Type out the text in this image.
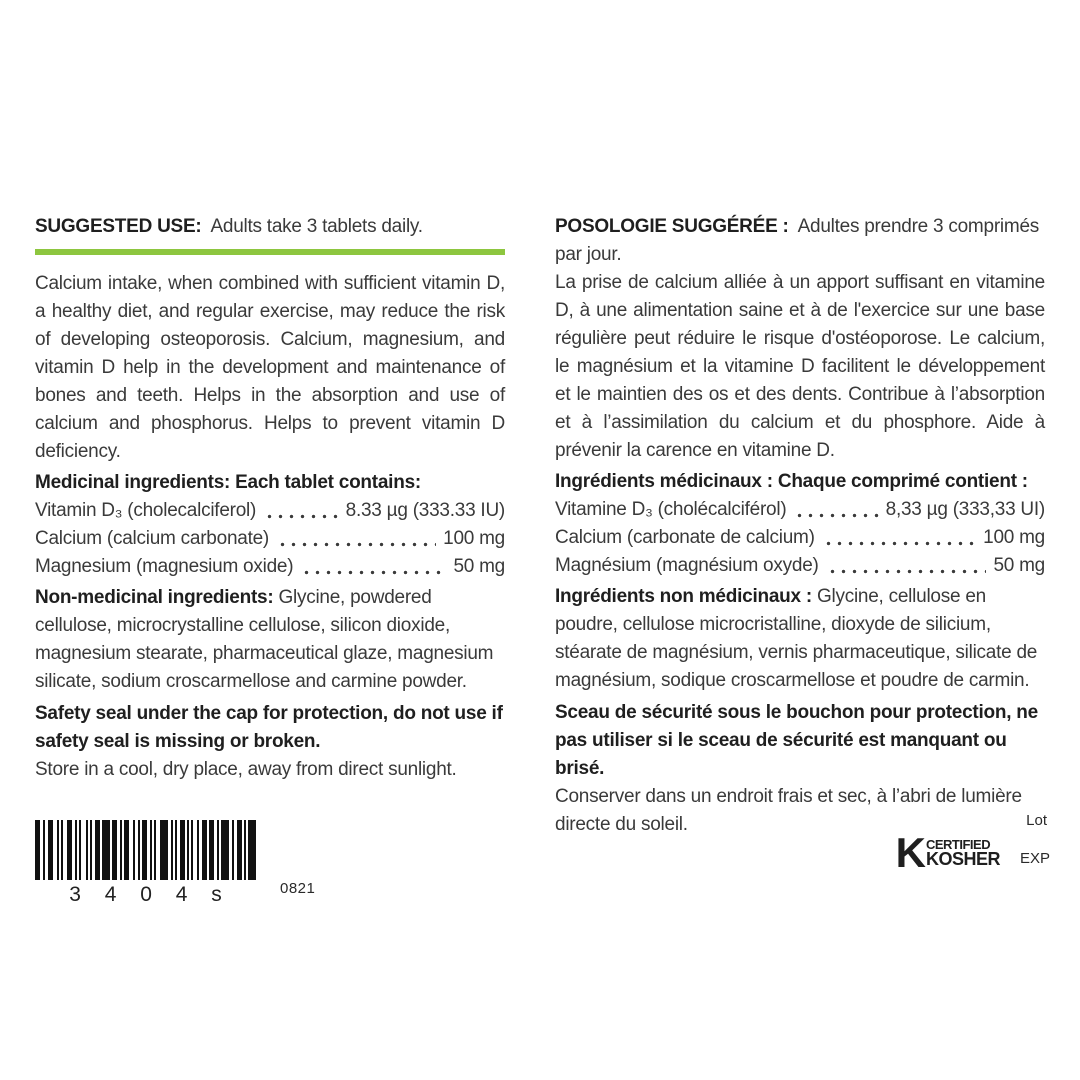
SUGGESTED USE: Adults take 3 tablets daily.

Calcium intake, when combined with sufficient vitamin D, a healthy diet, and regular exercise, may reduce the risk of developing osteoporosis. Calcium, magnesium, and vitamin D help in the development and maintenance of bones and teeth. Helps in the absorption and use of calcium and phosphorus. Helps to prevent vitamin D deficiency.

Medicinal ingredients: Each tablet contains:

Vitamin D₃ (cholecalciferol)	8.33 µg (333.33 IU)
Calcium (calcium carbonate)	100 mg
Magnesium (magnesium oxide)	50 mg

Non-medicinal ingredients: Glycine, powdered cellulose, microcrystalline cellulose, silicon dioxide, magnesium stearate, pharmaceutical glaze, magnesium silicate, sodium croscarmellose and carmine powder.

Safety seal under the cap for protection, do not use if safety seal is missing or broken.

Store in a cool, dry place, away from direct sunlight.

3 4 0 4 s	0821

POSOLOGIE SUGGÉRÉE : Adultes prendre 3 comprimés par jour.

La prise de calcium alliée à un apport suffisant en vitamine D, à une alimentation saine et à de l'exercice sur une base régulière peut réduire le risque d'ostéoporose. Le calcium, le magnésium et la vitamine D facilitent le développement et le maintien des os et des dents. Contribue à l’absorption et à l’assimilation du calcium et du phosphore. Aide à prévenir la carence en vitamine D.

Ingrédients médicinaux : Chaque comprimé contient :

Vitamine D₃ (cholécalciférol)	8,33 µg (333,33 UI)
Calcium (carbonate de calcium)	100 mg
Magnésium (magnésium oxyde)	50 mg

Ingrédients non médicinaux : Glycine, cellulose en poudre, cellulose microcristalline, dioxyde de silicium, stéarate de magnésium, vernis pharmaceutique, silicate de magnésium, sodique croscarmellose et poudre de carmin.

Sceau de sécurité sous le bouchon pour protection, ne pas utiliser si le sceau de sécurité est manquant ou brisé.

Conserver dans un endroit frais et sec, à l’abri de lumière directe du soleil.	Lot
K CERTIFIED
KOSHER EXP
